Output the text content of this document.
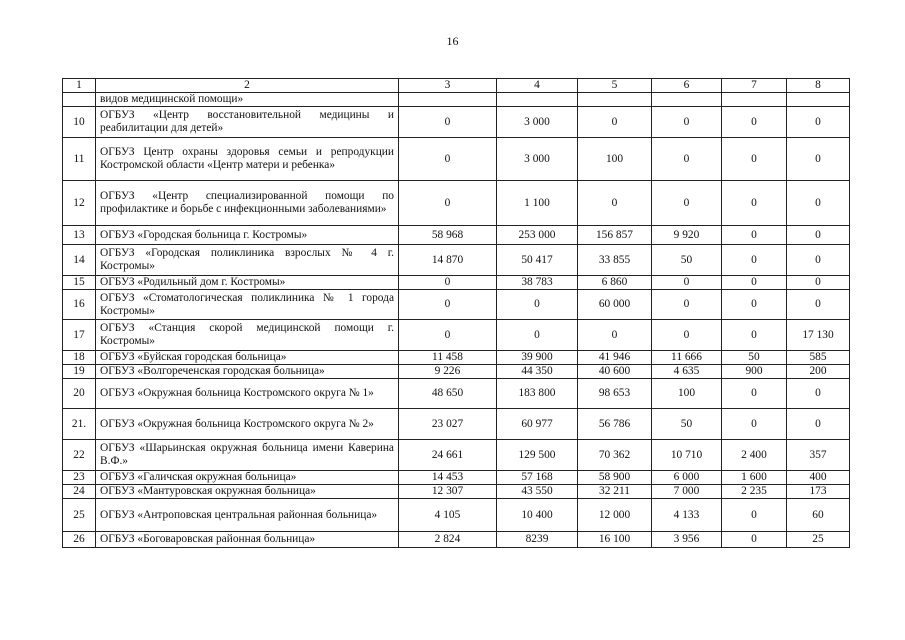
16
1	2	3	4	5	6	7	8
	видов медицинской помощи»						
10	ОГБУЗ «Центр восстановительной медицины и реабилитации для детей»	0	3 000	0	0	0	0
11	ОГБУЗ Центр охраны здоровья семьи и репродукции Костромской области «Центр матери и ребенка»	0	3 000	100	0	0	0
12	ОГБУЗ «Центр специализированной помощи по профилактике и борьбе с инфекционными заболеваниями»	0	1 100	0	0	0	0
13	ОГБУЗ «Городская больница г. Костромы»	58 968	253 000	156 857	9 920	0	0
14	ОГБУЗ «Городская поликлиника взрослых № 4 г. Костромы»	14 870	50 417	33 855	50	0	0
15	ОГБУЗ «Родильный дом г. Костромы»	0	38 783	6 860	0	0	0
16	ОГБУЗ «Стоматологическая поликлиника № 1 города Костромы»	0	0	60 000	0	0	0
17	ОГБУЗ «Станция скорой медицинской помощи г. Костромы»	0	0	0	0	0	17 130
18	ОГБУЗ «Буйская городская больница»	11 458	39 900	41 946	11 666	50	585
19	ОГБУЗ «Волгореченская городская больница»	9 226	44 350	40 600	4 635	900	200
20	ОГБУЗ «Окружная больница Костромского округа № 1»	48 650	183 800	98 653	100	0	0
21.	ОГБУЗ «Окружная больница Костромского округа № 2»	23 027	60 977	56 786	50	0	0
22	ОГБУЗ «Шарьинская окружная больница имени Каверина В.Ф.»	24 661	129 500	70 362	10 710	2 400	357
23	ОГБУЗ «Галичская окружная больница»	14 453	57 168	58 900	6 000	1 600	400
24	ОГБУЗ «Мантуровская окружная больница»	12 307	43 550	32 211	7 000	2 235	173
25	ОГБУЗ «Антроповская центральная районная больница»	4 105	10 400	12 000	4 133	0	60
26	ОГБУЗ «Боговаровская районная больница»	2 824	8239	16 100	3 956	0	25
